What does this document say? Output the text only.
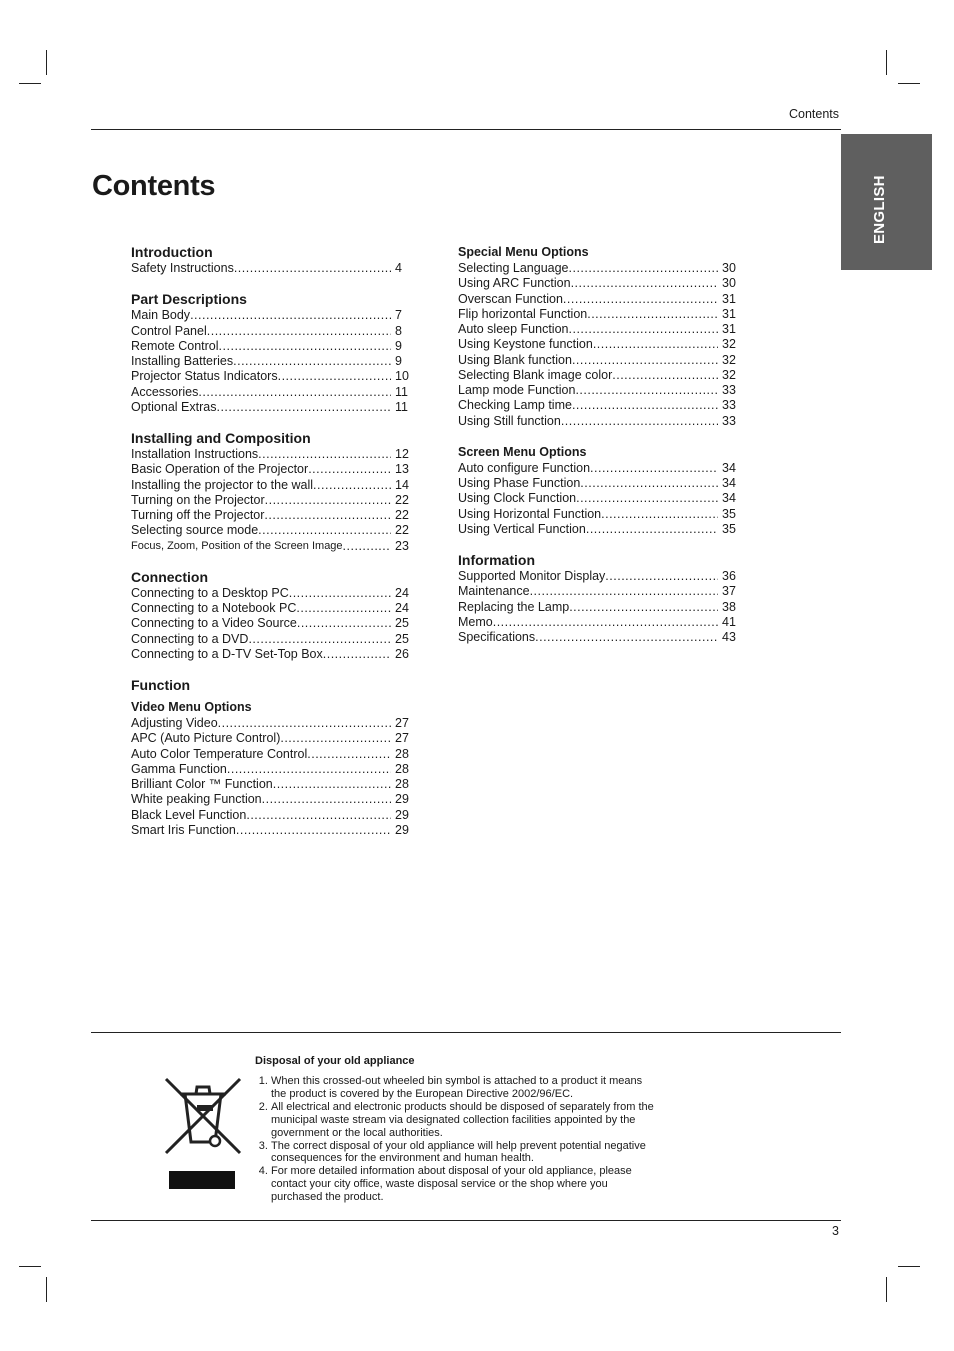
Contents
ENGLISH
Contents
Introduction
Safety Instructions .....	4
Part Descriptions
Main Body .....	7
Control Panel .....	8
Remote Control .....	9
Installing Batteries .....	9
Projector Status Indicators .....	10
Accessories .....	11
Optional Extras .....	11
Installing and Composition
Installation Instructions .....	12
Basic Operation of the Projector .....	13
Installing the projector to the wall .....	14
Turning on the Projector .....	22
Turning off the Projector .....	22
Selecting source mode .....	22
Focus, Zoom, Position of the Screen Image .....	23
Connection
Connecting to a Desktop PC .....	24
Connecting to a Notebook PC .....	24
Connecting to a Video Source .....	25
Connecting to a DVD .....	25
Connecting to a D-TV Set-Top Box .....	26
Function
Video Menu Options
Adjusting Video .....	27
APC (Auto Picture Control) .....	27
Auto Color Temperature Control .....	28
Gamma Function .....	28
Brilliant Color ™ Function .....	28
White peaking Function .....	29
Black Level Function .....	29
Smart Iris Function .....	29
Special Menu Options
Selecting Language .....	30
Using ARC Function .....	30
Overscan Function .....	31
Flip horizontal Function .....	31
Auto sleep Function .....	31
Using Keystone function .....	32
Using Blank function .....	32
Selecting Blank image color .....	32
Lamp mode Function .....	33
Checking Lamp time .....	33
Using Still function .....	33
Screen Menu Options
Auto configure Function .....	34
Using Phase Function .....	34
Using Clock Function .....	34
Using Horizontal Function .....	35
Using Vertical Function .....	35
Information
Supported Monitor Display .....	36
Maintenance .....	37
Replacing the Lamp .....	38
Memo .....	41
Specifications .....	43
Disposal of your old appliance
1. When this crossed-out wheeled bin symbol is attached to a product it means the product is covered by the European Directive 2002/96/EC.
2. All electrical and electronic products should be disposed of separately from the municipal waste stream via designated collection facilities appointed by the government or the local authorities.
3. The correct disposal of your old appliance will help prevent potential negative consequences for the environment and human health.
4. For more detailed information about disposal of your old appliance, please contact your city office, waste disposal service or the shop where you purchased the product.
3
